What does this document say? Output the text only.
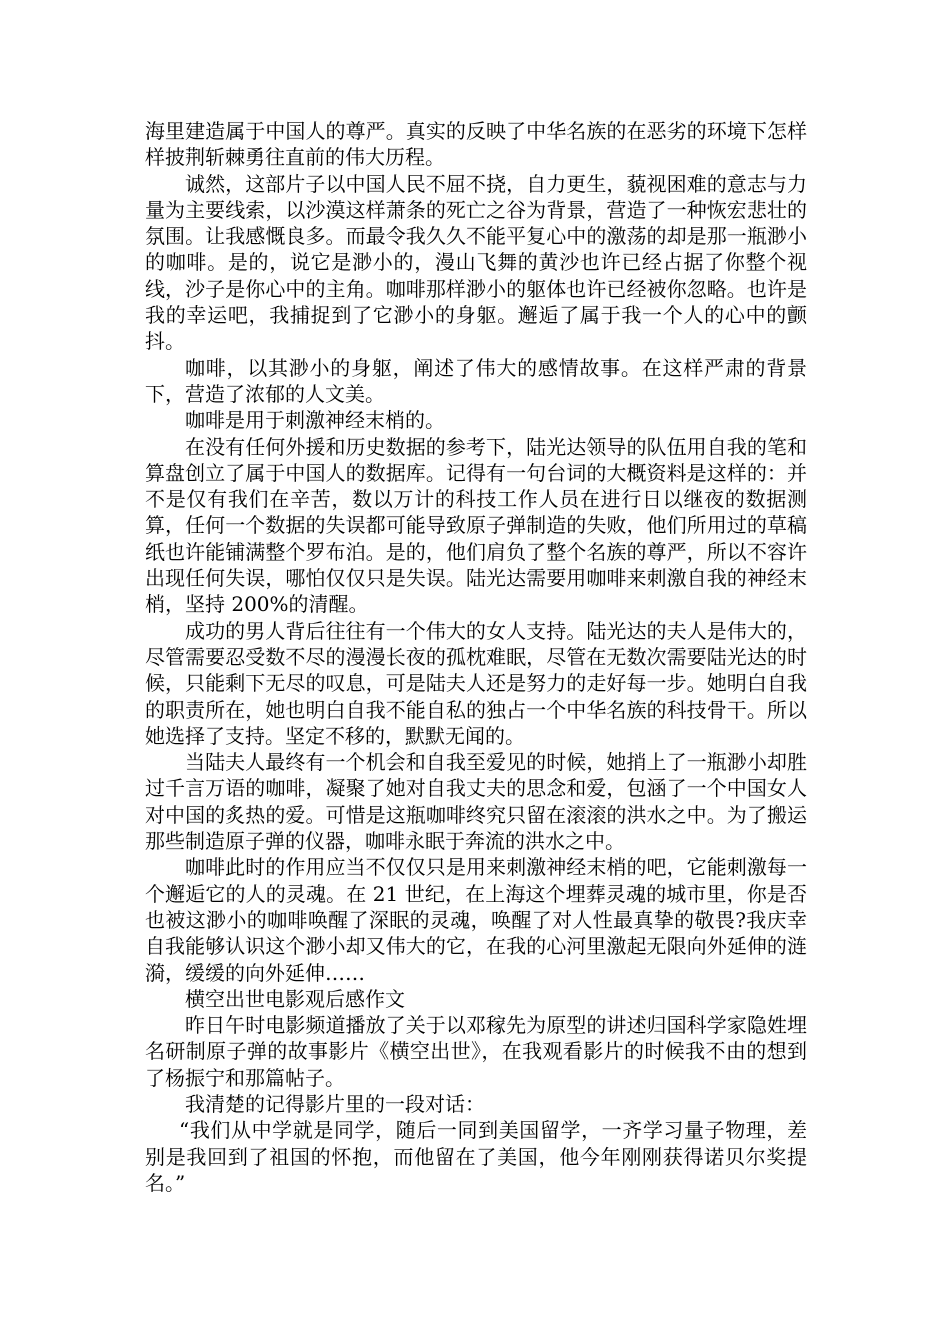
海里建造属于中国人的尊严。真实的反映了中华名族的在恶劣的环境下怎样样披荆斩棘勇往直前的伟大历程。

诚然，这部片子以中国人民不屈不挠，自力更生，藐视困难的意志与力量为主要线索，以沙漠这样萧条的死亡之谷为背景，营造了一种恢宏悲壮的氛围。让我感慨良多。而最令我久久不能平复心中的激荡的却是那一瓶渺小的咖啡。是的，说它是渺小的，漫山飞舞的黄沙也许已经占据了你整个视线，沙子是你心中的主角。咖啡那样渺小的躯体也许已经被你忽略。也许是我的幸运吧，我捕捉到了它渺小的身躯。邂逅了属于我一个人的心中的颤抖。

咖啡，以其渺小的身躯，阐述了伟大的感情故事。在这样严肃的背景下，营造了浓郁的人文美。

咖啡是用于刺激神经末梢的。

在没有任何外援和历史数据的参考下，陆光达领导的队伍用自我的笔和算盘创立了属于中国人的数据库。记得有一句台词的大概资料是这样的：并不是仅有我们在辛苦，数以万计的科技工作人员在进行日以继夜的数据测算，任何一个数据的失误都可能导致原子弹制造的失败，他们所用过的草稿纸也许能铺满整个罗布泊。是的，他们肩负了整个名族的尊严，所以不容许出现任何失误，哪怕仅仅只是失误。陆光达需要用咖啡来刺激自我的神经末梢，坚持 200%的清醒。

成功的男人背后往往有一个伟大的女人支持。陆光达的夫人是伟大的，尽管需要忍受数不尽的漫漫长夜的孤枕难眠，尽管在无数次需要陆光达的时候，只能剩下无尽的叹息，可是陆夫人还是努力的走好每一步。她明白自我的职责所在，她也明白自我不能自私的独占一个中华名族的科技骨干。所以她选择了支持。坚定不移的，默默无闻的。

当陆夫人最终有一个机会和自我至爱见的时候，她捎上了一瓶渺小却胜过千言万语的咖啡，凝聚了她对自我丈夫的思念和爱，包涵了一个中国女人对中国的炙热的爱。可惜是这瓶咖啡终究只留在滚滚的洪水之中。为了搬运那些制造原子弹的仪器，咖啡永眠于奔流的洪水之中。

咖啡此时的作用应当不仅仅只是用来刺激神经末梢的吧，它能刺激每一个邂逅它的人的灵魂。在 21 世纪，在上海这个埋葬灵魂的城市里，你是否也被这渺小的咖啡唤醒了深眠的灵魂，唤醒了对人性最真挚的敬畏?我庆幸自我能够认识这个渺小却又伟大的它，在我的心河里激起无限向外延伸的涟漪，缓缓的向外延伸……

横空出世电影观后感作文

昨日午时电影频道播放了关于以邓稼先为原型的讲述归国科学家隐姓埋名研制原子弹的故事影片《横空出世》，在我观看影片的时候我不由的想到了杨振宁和那篇帖子。

我清楚的记得影片里的一段对话：

“我们从中学就是同学，随后一同到美国留学，一齐学习量子物理，差别是我回到了祖国的怀抱，而他留在了美国，他今年刚刚获得诺贝尔奖提名。”
